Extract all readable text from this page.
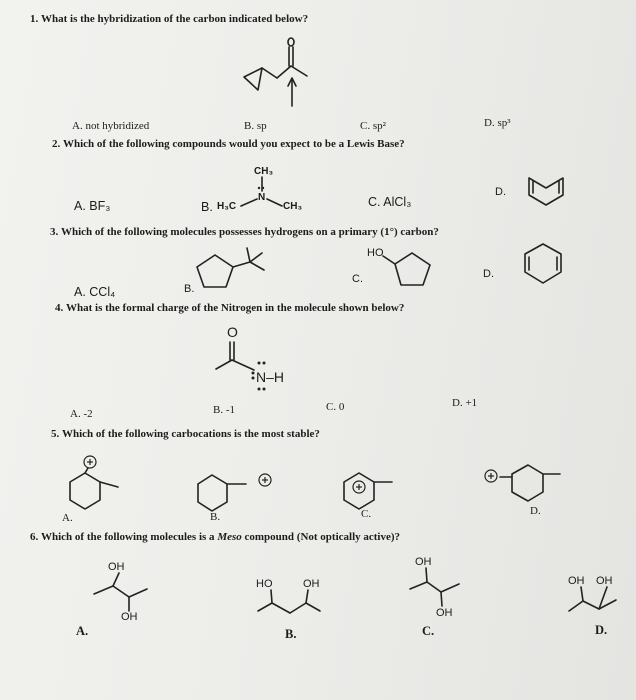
1. What is the hybridization of the carbon indicated below?
A. not hybridized	B. sp	C. sp²	D. sp³
2. Which of the following compounds would you expect to be a Lewis Base?
CH₃
A. BF₃	B. H₃C
N
CH₃	C. AlCl₃
D.
3. Which of the following molecules possesses hydrogens on a primary (1°) carbon?
HO
A. CCl₄	B.
C.	D.
4. What is the formal charge of the Nitrogen in the molecule shown below?
O
N–H
A. -2	B. -1	C. 0	D. +1
5. Which of the following carbocations is the most stable?
A.	B.	C.	D.
6. Which of the following molecules is a Meso compound (Not optically active)?
OH
OH
HO	OH
OH
OH
OH OH
A.	B.	C.	D.
